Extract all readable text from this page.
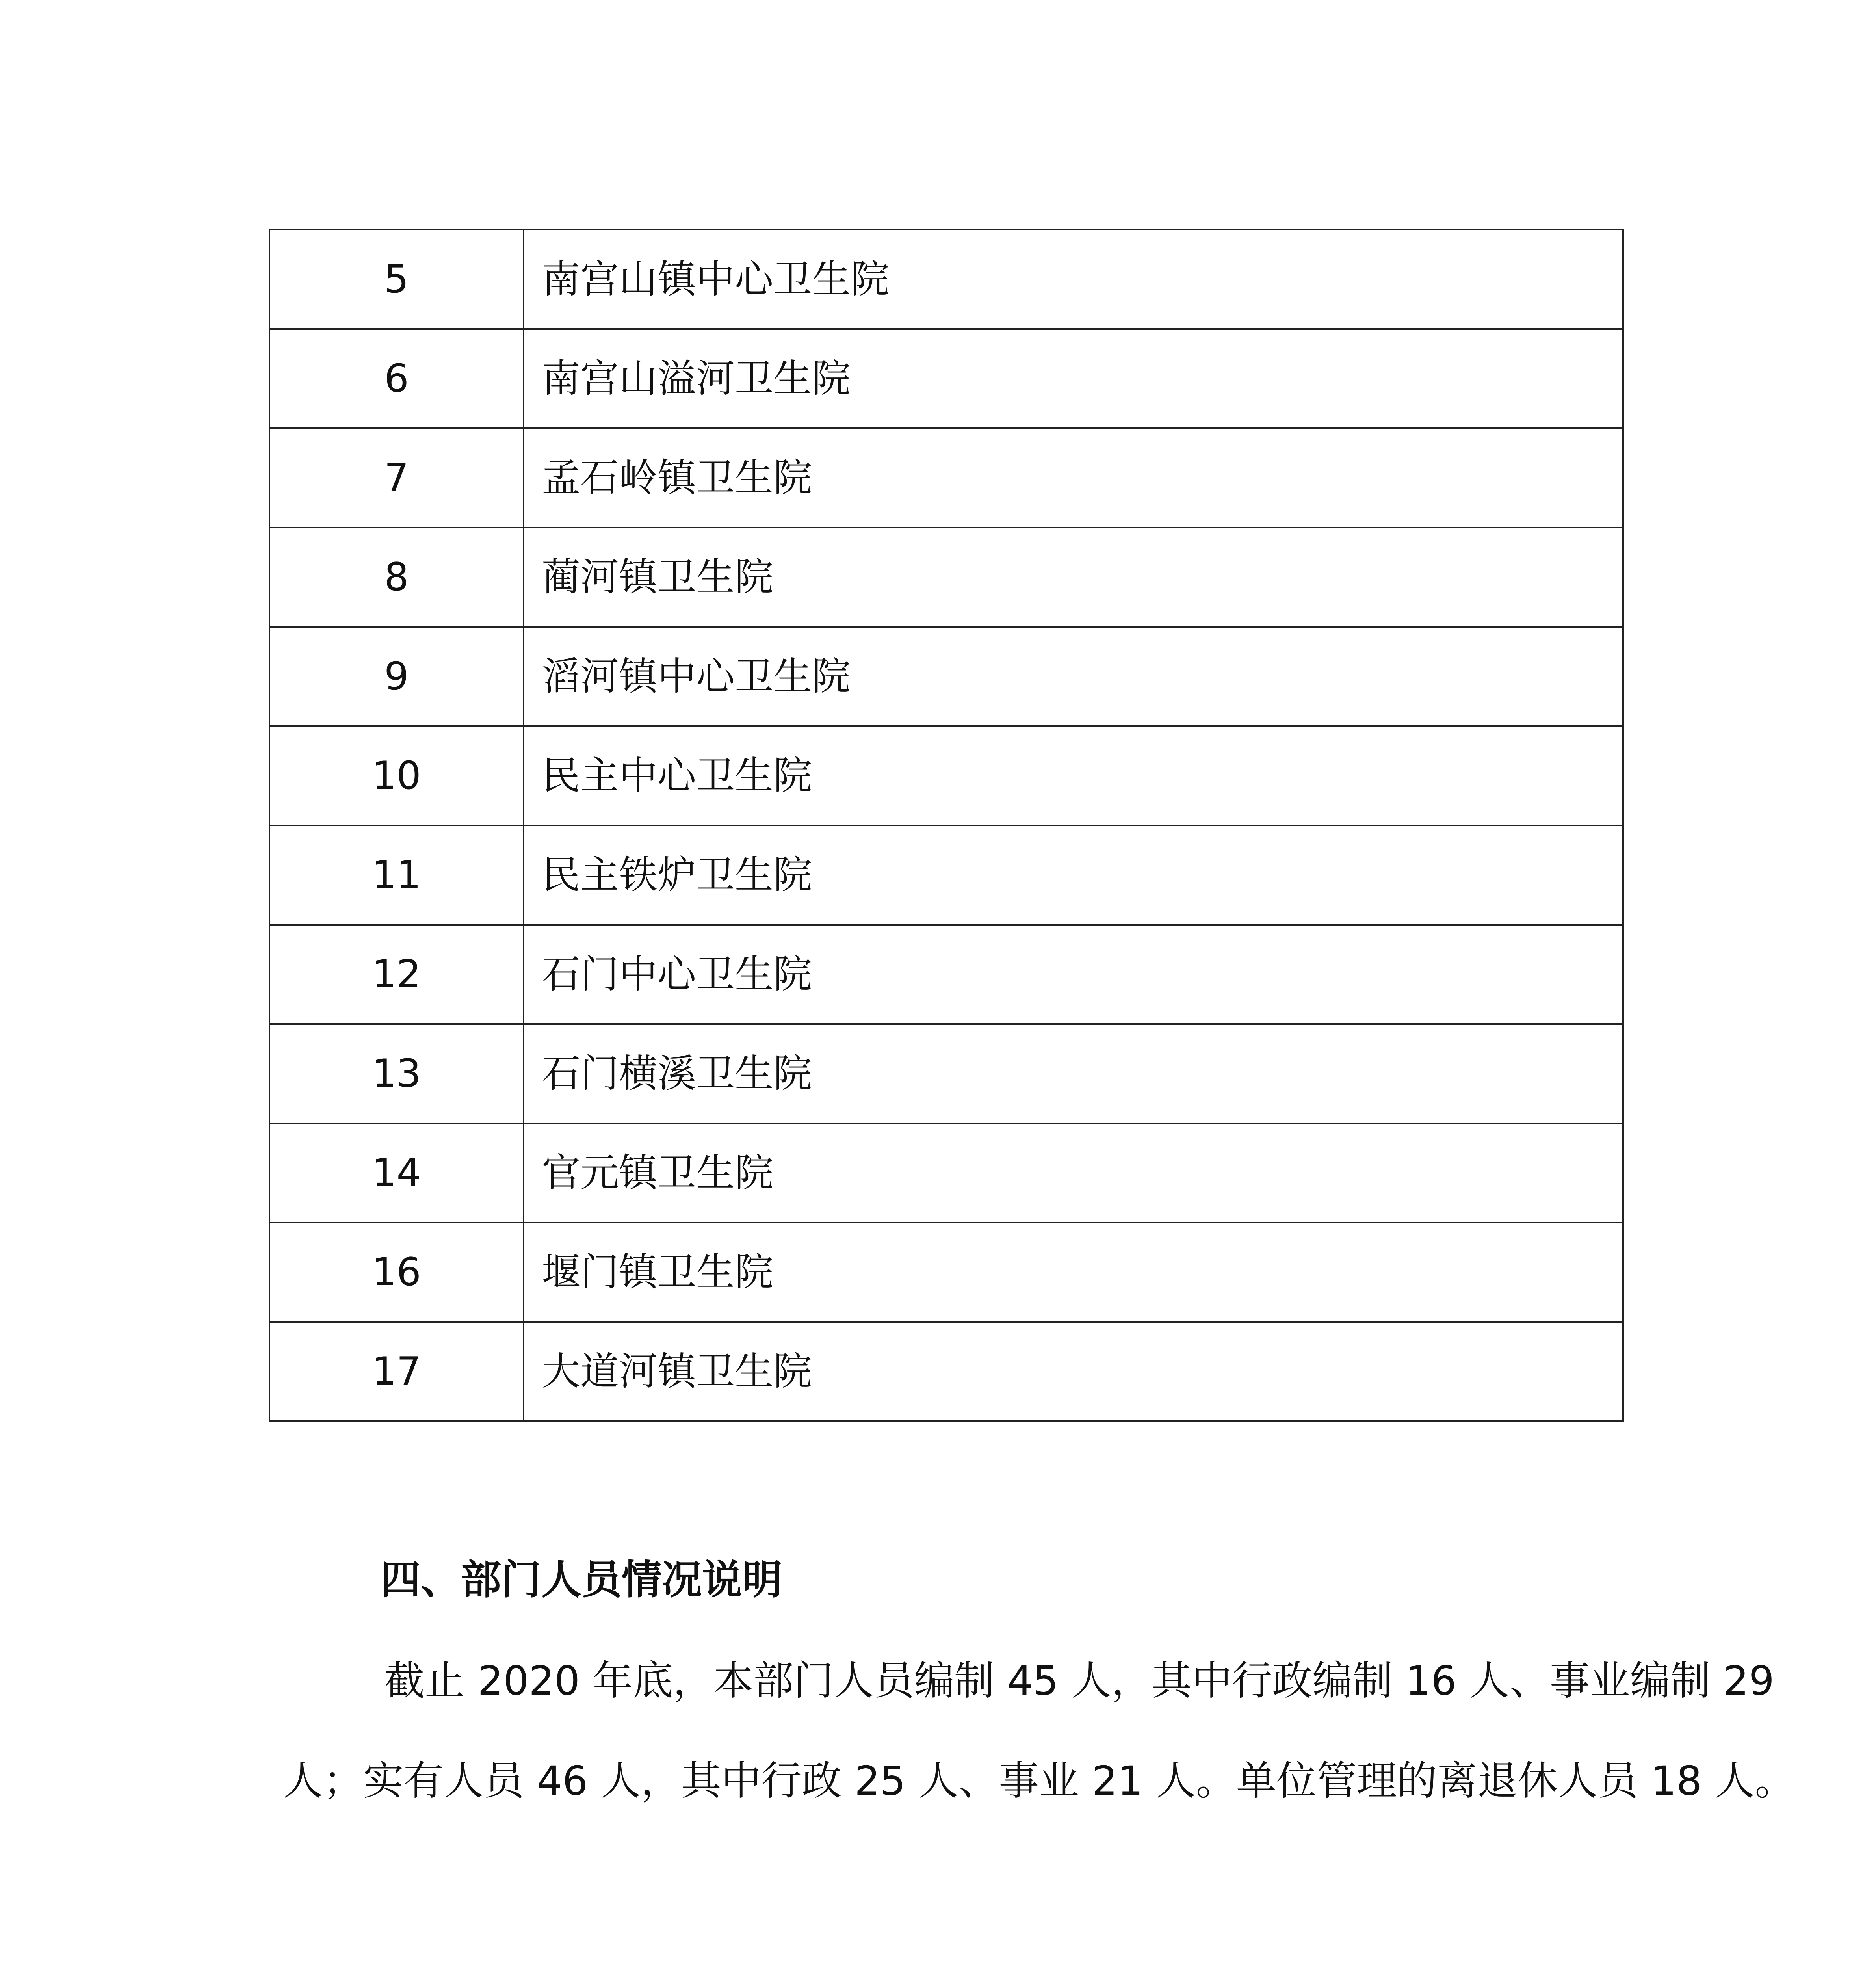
5	南宫山镇中心卫生院
6	南宫山溢河卫生院
7	孟石岭镇卫生院
8	蔺河镇卫生院
9	滔河镇中心卫生院
10	民主中心卫生院
11	民主铁炉卫生院
12	石门中心卫生院
13	石门横溪卫生院
14	官元镇卫生院
16	堰门镇卫生院
17	大道河镇卫生院
四、部门人员情况说明
截止 2020 年底，本部门人员编制 45 人，其中行政编制 16 人、事业编制 29
人；实有人员 46 人，其中行政 25 人、事业 21 人。单位管理的离退休人员 18 人。
